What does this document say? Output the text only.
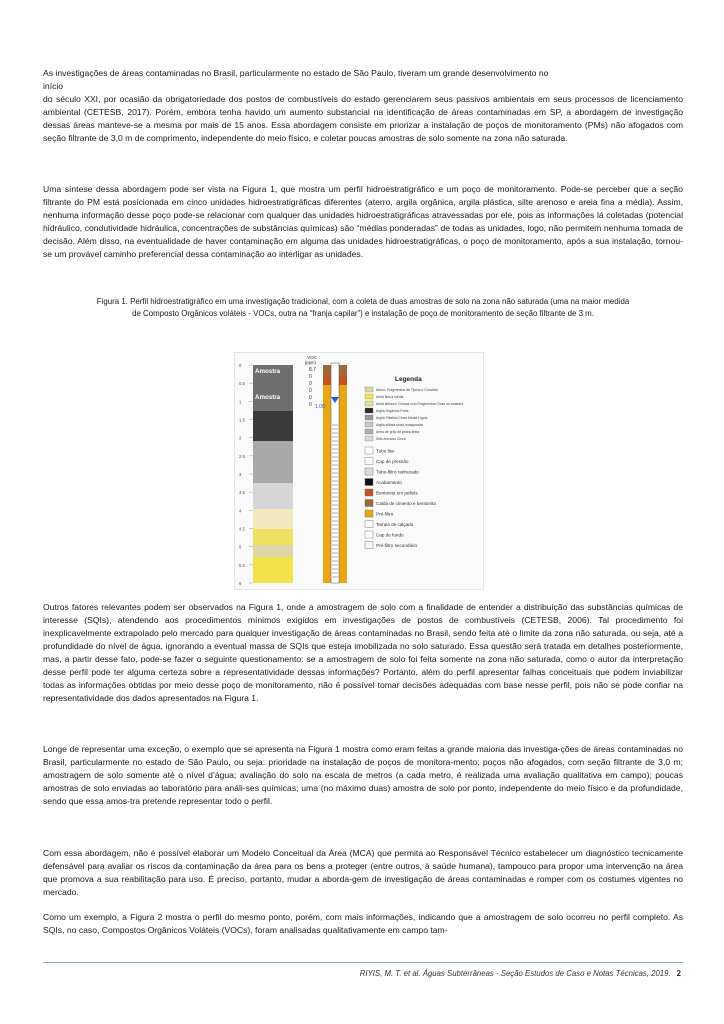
As investigações de áreas contaminadas no Brasil, particularmente no estado de São Paulo, tiveram um grande desenvolvimento no
início
do século XXI, por ocasião da obrigatoriedade dos postos de combustíveis do estado gerenciarem seus passivos ambientais em seus processos de licenciamento ambiental (CETESB, 2017). Porém, embora tenha havido um aumento substancial na identificação de áreas contaminadas em SP, a abordagem de investigação dessas áreas manteve-se a mesma por mais de 15 anos. Essa abordagem consiste em priorizar a instalação de poços de monitoramento (PMs) não afogados com seção filtrante de 3,0 m de comprimento, independente do meio físico, e coletar poucas amostras de solo somente na zona não saturada.
Uma síntese dessa abordagem pode ser vista na Figura 1, que mostra um perfil hidroestratigráfico e um poço de monitoramento. Pode-se perceber que a seção filtrante do PM está posicionada em cinco unidades hidroestratigráficas diferentes (aterro, argila orgânica, argila plástica, silte arenoso e areia fina a média). Assim, nenhuma informação desse poço pode-se relacionar com qualquer das unidades hidroestratigráficas atravessadas por ele, pois as informações lá coletadas (potencial hidráulico, condutividade hidráulica, concentrações de substâncias químicas) são “médias ponderadas” de todas as unidades, logo, não permitem nenhuma tomada de decisão. Além disso, na eventualidade de haver contaminação em alguma das unidades hidroestratigráficas, o poço de monitoramento, após a sua instalação, tornou-se um provável caminho preferencial dessa contaminação ao interligar as unidades.
Figura 1. Perfil hidroestratigráfico em uma investigação tradicional, com a coleta de duas amostras de solo na zona não saturada (uma na maior medida
de Composto Orgânicos voláteis - VOCs, outra na “franja capilar”) e instalação de poço de monitoramento de seção filtrante de 3 m.
0
0.5
1
1.5
2
2.5
3
3.5
4
4.5
5
5.5
6
Amostra
Amostra
VOC
(ppm)
8.7
0
0
0
0
0 1.00
Legenda
Aterro: Fragmentos de Tijolos e Concreto
Areia fina a média
Areia siltosa e Grossa com Fragmentos Cinza ou amarela
Argila Orgânica Preta
Argila Plástica Cinza Média Lígula
Argila siltosa cinza mosqueada
Areia de grão de pedra areia
Silte Arenoso Cinza
Tubo liso
Cap de pressão
Tubo-filtro ranhurado
Acabamento
Bentonita em pellets
Calda de cimento e bentonita
Pré-filtro
Tampa de calçada
Cap de fundo
Pré-filtro secundário
Outros fatores relevantes podem ser observados na Figura 1, onde a amostragem de solo com a finalidade de entender a distribuição das substâncias químicas de interesse (SQIs), atendendo aos procedimentos mínimos exigidos em investigações de postos de combustíveis (CETESB, 2006). Tal procedimento foi inexplicavelmente extrapolado pelo mercado para qualquer investigação de áreas contaminadas no Brasil, sendo feita até o limite da zona não saturada, ou seja, até a profundidade do nível de água, ignorando a eventual massa de SQIs que esteja imobilizada no solo saturado. Essa questão será tratada em detalhes posteriormente, mas, a partir desse fato, pode-se fazer o seguinte questionamento: se a amostragem de solo foi feita somente na zona não saturada, como o autor da interpretação desse perfil pode ter alguma certeza sobre a representatividade dessas informações? Portanto, além do perfil apresentar falhas conceituais que podem inviabilizar todas as informações obtidas por meio desse poço de monitoramento, não é possível tomar decisões adequadas com base nesse perfil, pois não se pode confiar na representatividade dos dados apresentados na Figura 1.
Longe de representar uma exceção, o exemplo que se apresenta na Figura 1 mostra como eram feitas a grande maioria das investiga-ções de áreas contaminadas no Brasil, particularmente no estado de São Paulo, ou seja: prioridade na instalação de poços de monitora-mento; poços não afogados, com seção filtrante de 3,0 m; amostragem de solo somente até o nível d’água; avaliação do solo na escala de metros (a cada metro, é realizada uma avaliação qualitativa em campo); poucas amostras de solo enviadas ao laboratório para análi-ses químicas; uma (no máximo duas) amostra de solo por ponto, independente do meio físico e da profundidade, sendo que essa amos-tra pretende representar todo o perfil.
Com essa abordagem, não é possível elaborar um Modelo Conceitual da Área (MCA) que permita ao Responsável Técnico estabelecer um diagnóstico tecnicamente defensável para avaliar os riscos da contaminação da área para os bens a proteger (entre outros, à saúde humana), tampouco para propor uma intervenção na área que promova a sua reabilitação para uso. É preciso, portanto, mudar a aborda-gem de investigação de áreas contaminadas e romper com os costumes vigentes no mercado.
Como um exemplo, a Figura 2 mostra o perfil do mesmo ponto, porém, com mais informações, indicando que a amostragem de solo ocorreu no perfil completo. As SQIs, no caso, Compostos Orgânicos Voláteis (VOCs), foram analisadas qualitativamente em campo tam-
RIYIS, M. T. et al. Águas Subterrâneas - Seção Estudos de Caso e Notas Técnicas, 2019. 2
